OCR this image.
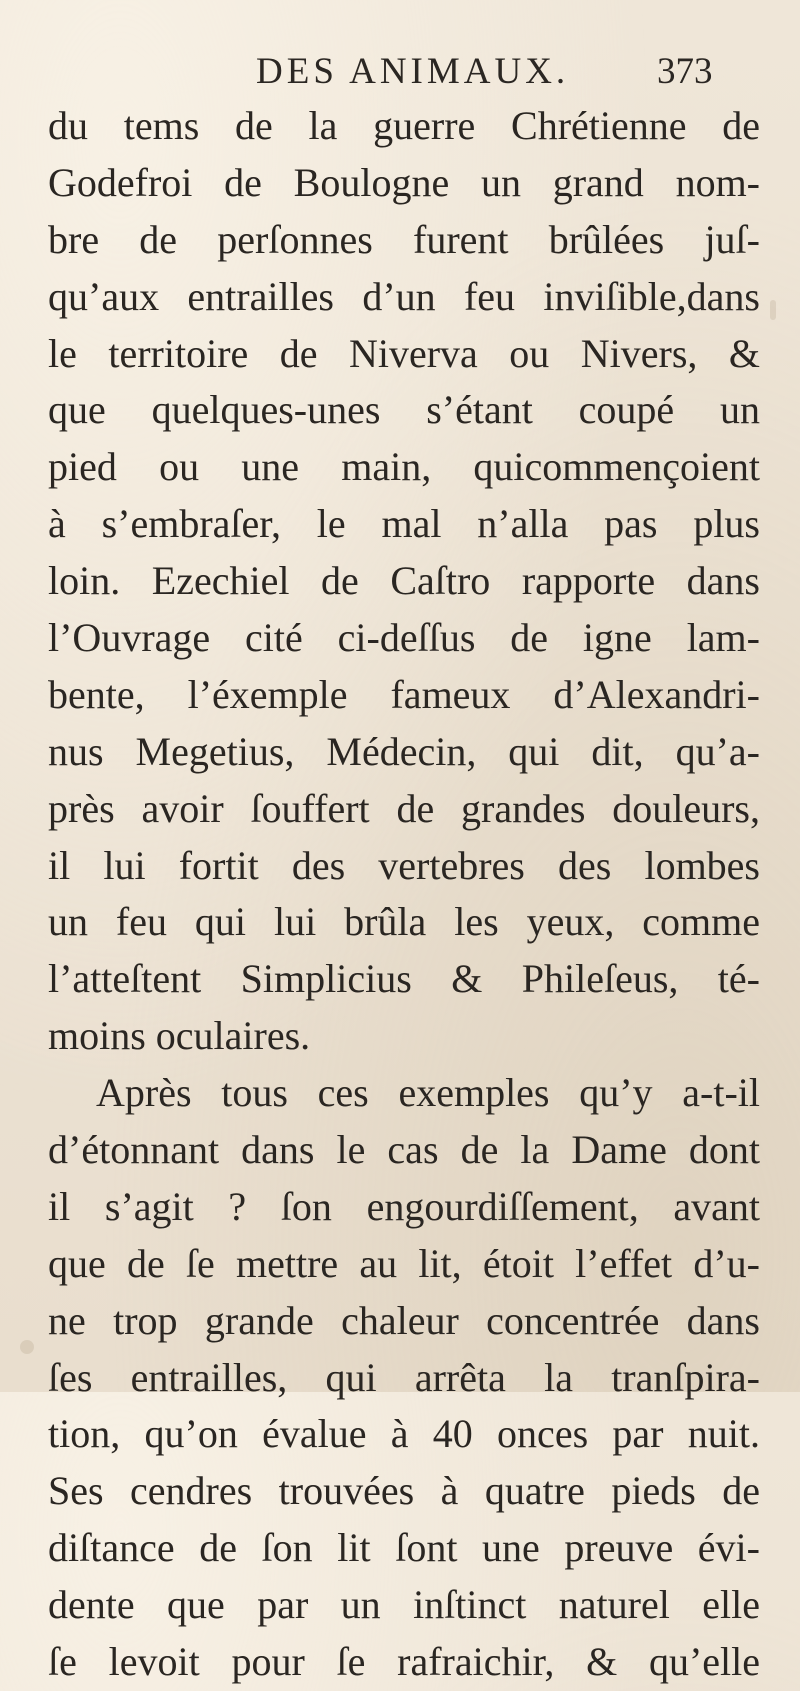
DES ANIMAUX. 373
du tems de la guerre Chrétienne de
Godefroi de Boulogne un grand nom-
bre de perſonnes furent brûlées juſ-
qu’aux entrailles d’un feu inviſible,dans
le territoire de Niverva ou Nivers, &
que quelques-unes s’étant coupé un
pied ou une main, quicommençoient
à s’embraſer, le mal n’alla pas plus
loin. Ezechiel de Caſtro rapporte dans
l’Ouvrage cité ci-deſſus de igne lam-
bente, l’éxemple fameux d’Alexandri-
nus Megetius, Médecin, qui dit, qu’a-
près avoir ſouffert de grandes douleurs,
il lui fortit des vertebres des lombes
un feu qui lui brûla les yeux, comme
l’atteſtent Simplicius & Phileſeus, té-
moins oculaires.
Après tous ces exemples qu’y a-t-il
d’étonnant dans le cas de la Dame dont
il s’agit ? ſon engourdiſſement, avant
que de ſe mettre au lit, étoit l’effet d’u-
ne trop grande chaleur concentrée dans
ſes entrailles, qui arrêta la tranſpira-
tion, qu’on évalue à 40 onces par nuit.
Ses cendres trouvées à quatre pieds de
diſtance de ſon lit ſont une preuve évi-
dente que par un inſtinct naturel elle
ſe levoit pour ſe rafraichir, & qu’elle
